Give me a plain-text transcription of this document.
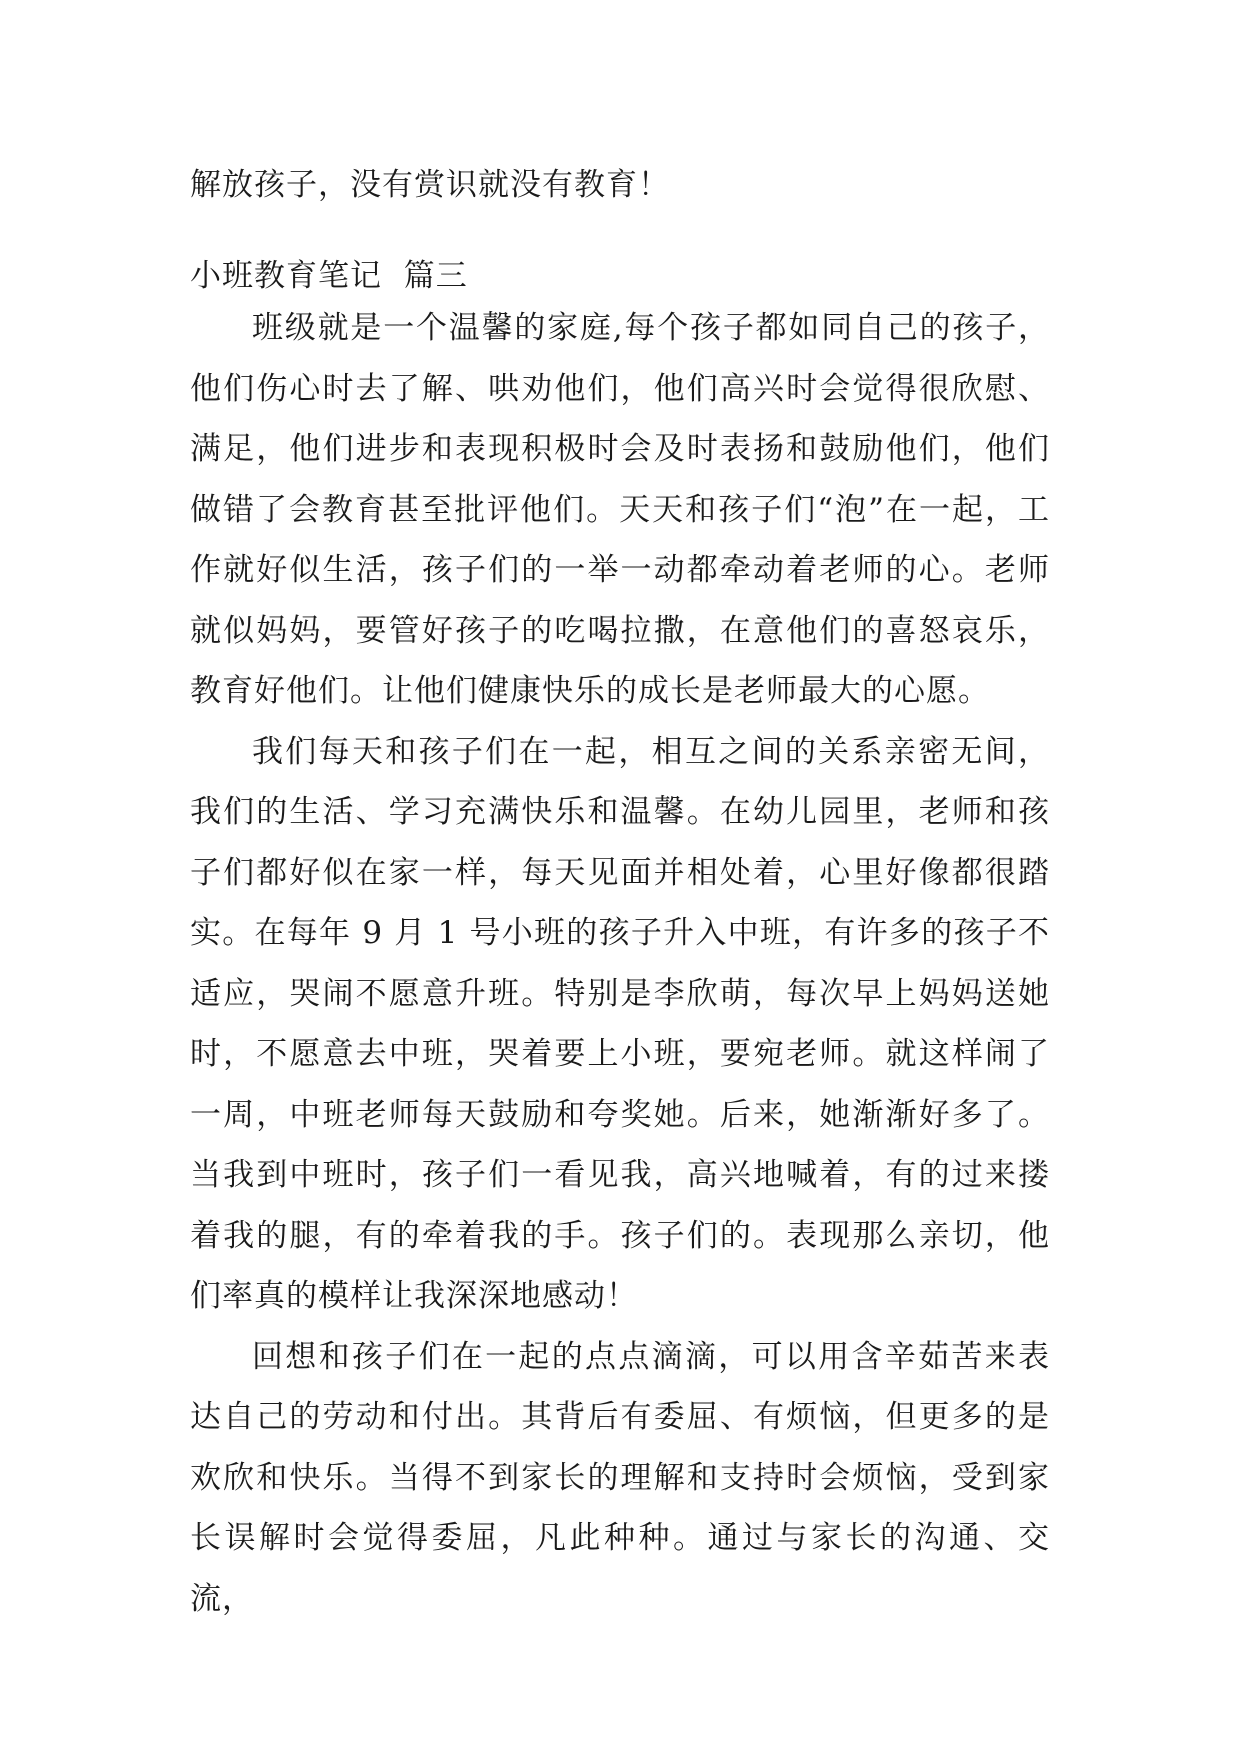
解放孩子，没有赏识就没有教育！

小班教育笔记  篇三

班级就是一个温馨的家庭,每个孩子都如同自己的孩子，他们伤心时去了解、哄劝他们，他们高兴时会觉得很欣慰、满足，他们进步和表现积极时会及时表扬和鼓励他们，他们做错了会教育甚至批评他们。天天和孩子们“泡”在一起，工作就好似生活，孩子们的一举一动都牵动着老师的心。老师就似妈妈，要管好孩子的吃喝拉撒，在意他们的喜怒哀乐，教育好他们。让他们健康快乐的成长是老师最大的心愿。

我们每天和孩子们在一起，相互之间的关系亲密无间，我们的生活、学习充满快乐和温馨。在幼儿园里，老师和孩子们都好似在家一样，每天见面并相处着，心里好像都很踏实。在每年 9 月 1 号小班的孩子升入中班，有许多的孩子不适应，哭闹不愿意升班。特别是李欣萌，每次早上妈妈送她时，不愿意去中班，哭着要上小班，要宛老师。就这样闹了一周，中班老师每天鼓励和夸奖她。后来，她渐渐好多了。当我到中班时，孩子们一看见我，高兴地喊着，有的过来搂着我的腿，有的牵着我的手。孩子们的。表现那么亲切，他们率真的模样让我深深地感动！

回想和孩子们在一起的点点滴滴，可以用含辛茹苦来表达自己的劳动和付出。其背后有委屈、有烦恼，但更多的是欢欣和快乐。当得不到家长的理解和支持时会烦恼，受到家长误解时会觉得委屈，凡此种种。通过与家长的沟通、交流，
